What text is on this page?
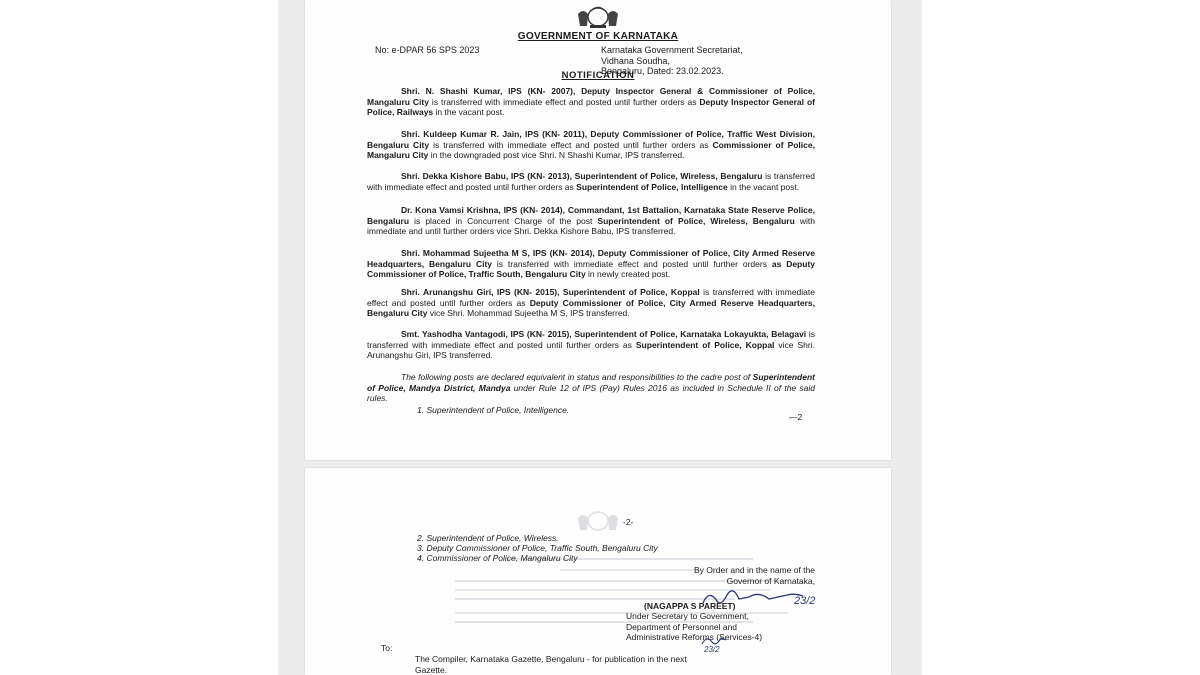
GOVERNMENT OF KARNATAKA
No: e-DPAR 56 SPS 2023	Karnataka Government Secretariat,
Vidhana Soudha,
Bengaluru, Dated: 23.02.2023.
NOTIFICATION
Shri. N. Shashi Kumar, IPS (KN- 2007), Deputy Inspector General & Commissioner of Police, Mangaluru City is transferred with immediate effect and posted until further orders as Deputy Inspector General of Police, Railways in the vacant post.
Shri. Kuldeep Kumar R. Jain, IPS (KN- 2011), Deputy Commissioner of Police, Traffic West Division, Bengaluru City is transferred with immediate effect and posted until further orders as Commissioner of Police, Mangaluru City in the downgraded post vice Shri. N Shashi Kumar, IPS transferred.
Shri. Dekka Kishore Babu, IPS (KN- 2013), Superintendent of Police, Wireless, Bengaluru is transferred with immediate effect and posted until further orders as Superintendent of Police, Intelligence in the vacant post.
Dr. Kona Vamsi Krishna, IPS (KN- 2014), Commandant, 1st Battalion, Karnataka State Reserve Police, Bengaluru is placed in Concurrent Charge of the post Superintendent of Police, Wireless, Bengaluru with immediate and until further orders vice Shri. Dekka Kishore Babu, IPS transferred.
Shri. Mohammad Sujeetha M S, IPS (KN- 2014), Deputy Commissioner of Police, City Armed Reserve Headquarters, Bengaluru City is transferred with immediate effect and posted until further orders as Deputy Commissioner of Police, Traffic South, Bengaluru City in newly created post.
Shri. Arunangshu Giri, IPS (KN- 2015), Superintendent of Police, Koppal is transferred with immediate effect and posted until further orders as Deputy Commissioner of Police, City Armed Reserve Headquarters, Bengaluru City vice Shri. Mohammad Sujeetha M S, IPS transferred.
Smt. Yashodha Vantagodi, IPS (KN- 2015), Superintendent of Police, Karnataka Lokayukta, Belagavi is transferred with immediate effect and posted until further orders as Superintendent of Police, Koppal vice Shri. Arunangshu Giri, IPS transferred.
The following posts are declared equivalent in status and responsibilities to the cadre post of Superintendent of Police, Mandya District, Mandya under Rule 12 of IPS (Pay) Rules 2016 as included in Schedule II of the said rules.
1. Superintendent of Police, Intelligence.
—2
-2-
2. Superintendent of Police, Wireless.
3. Deputy Commissioner of Police, Traffic South, Bengaluru City
4. Commissioner of Police, Mangaluru City
By Order and in the name of the
Governor of Karnataka,
(NAGAPPA S PAREET)	23/2
Under Secretary to Government,
Department of Personnel and
Administrative Reforms (Services-4)
To:	23/2
The Compiler, Karnataka Gazette, Bengaluru - for publication in the next
Gazette.
